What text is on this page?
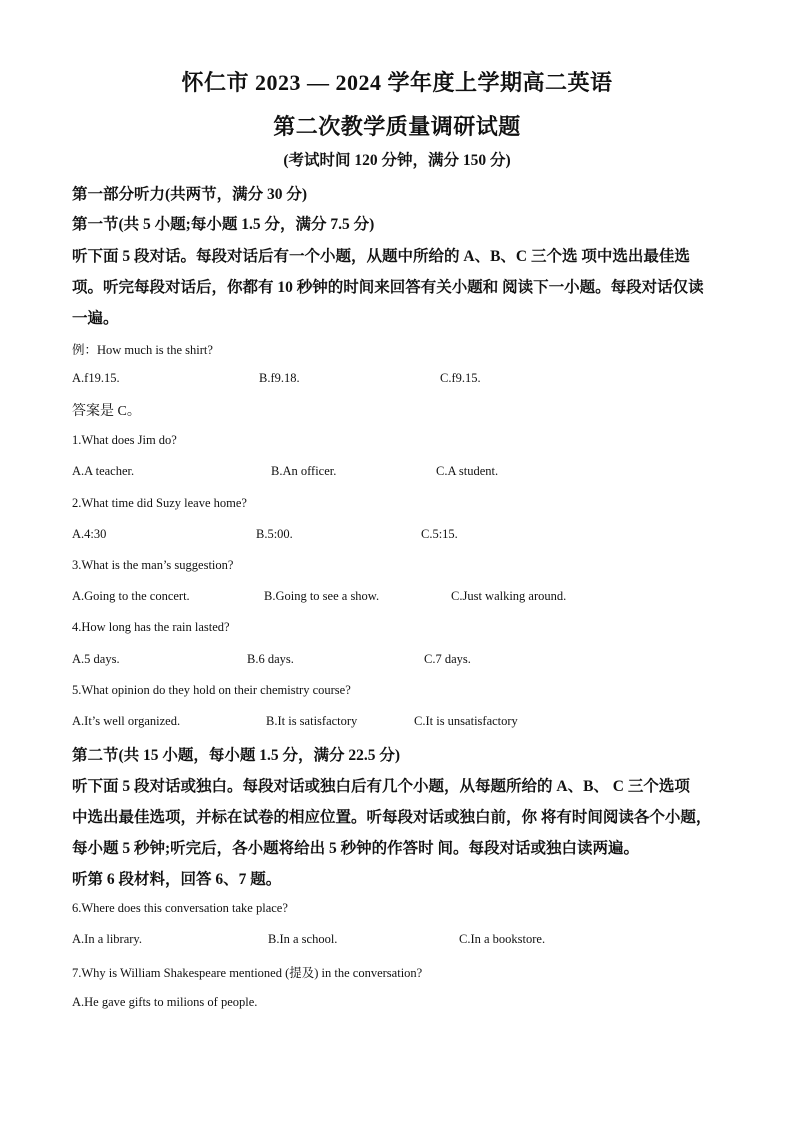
怀仁市 2023 — 2024 学年度上学期高二英语
第二次教学质量调研试题
(考试时间 120 分钟，满分 150 分)
第一部分听力(共两节，满分 30 分)
第一节(共 5 小题;每小题 1.5 分，满分 7.5 分)
听下面 5 段对话。每段对话后有一个小题，从题中所给的 A、B、C 三个选 项中选出最佳选
项。听完每段对话后，你都有 10 秒钟的时间来回答有关小题和 阅读下一小题。每段对话仅读
一遍。
例：How much is the shirt?
A.f19.15.	B.f9.18.	C.f9.15.
答案是 C。
1.What does Jim do?
A.A teacher.	B.An officer.	C.A student.
2.What time did Suzy leave home?
A.4:30	B.5:00.	C.5:15.
3.What is the man’s suggestion?
A.Going to the concert.	B.Going to see a show.	C.Just walking around.
4.How long has the rain lasted?
A.5 days.	B.6 days.	C.7 days.
5.What opinion do they hold on their chemistry course?
A.It’s well organized.	B.It is satisfactory	C.It is unsatisfactory
第二节(共 15 小题，每小题 1.5 分，满分 22.5 分)
听下面 5 段对话或独白。每段对话或独白后有几个小题，从每题所给的 A、B、 C 三个选项
中选出最佳选项，并标在试卷的相应位置。听每段对话或独白前，你 将有时间阅读各个小题，
每小题 5 秒钟;听完后，各小题将给出 5 秒钟的作答时 间。每段对话或独白读两遍。
听第 6 段材料，回答 6、7 题。
6.Where does this conversation take place?
A.In a library.	B.In a school.	C.In a bookstore.
7.Why is William Shakespeare mentioned (提及) in the conversation?
A.He gave gifts to milions of people.
